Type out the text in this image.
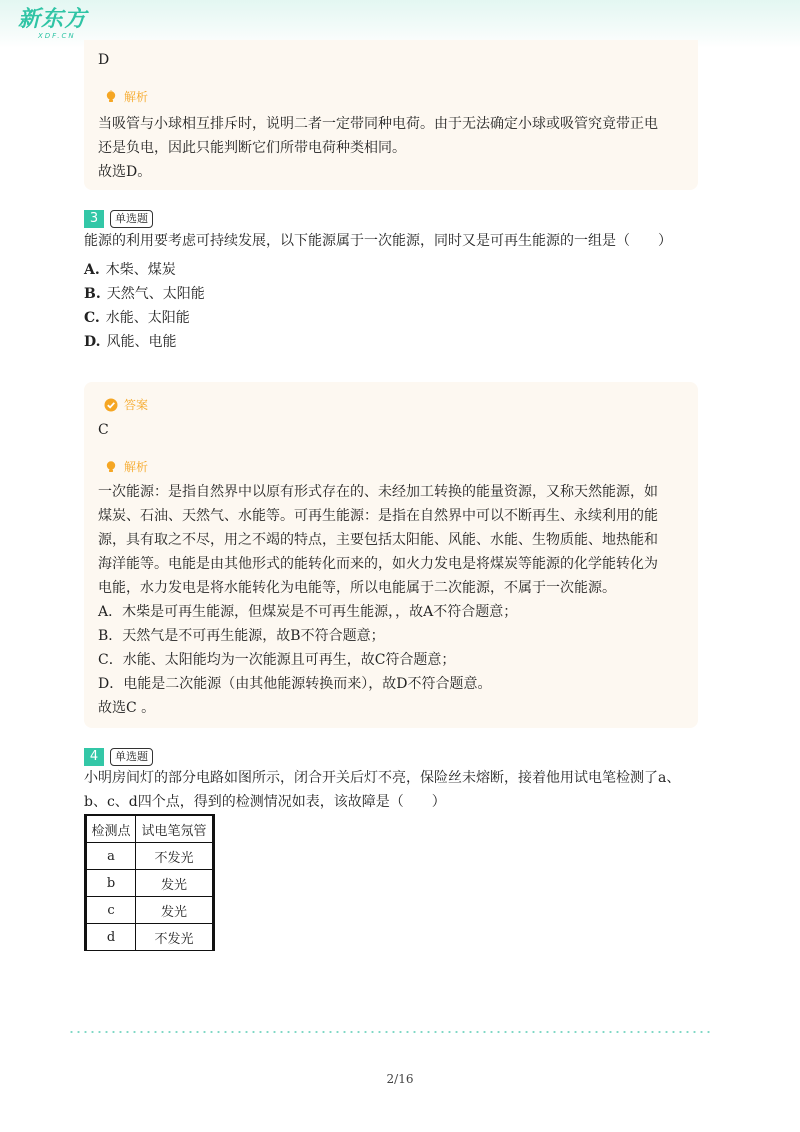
新东方
XDF.CN
D
解析

当吸管与小球相互排斥时，说明二者一定带同种电荷。由于无法确定小球或吸管究竟带正电

还是负电，因此只能判断它们所带电荷种类相同。

故选D。

3	单选题
能源的利用要考虑可持续发展，以下能源属于一次能源，同时又是可再生能源的一组是（　　）
A. 木柴、煤炭
B. 天然气、太阳能
C. 水能、太阳能
D. 风能、电能
答案
C
解析

一次能源：是指自然界中以原有形式存在的、未经加工转换的能量资源，又称天然能源，如

煤炭、石油、天然气、水能等。可再生能源：是指在自然界中可以不断再生、永续利用的能

源，具有取之不尽，用之不竭的特点，主要包括太阳能、风能、水能、生物质能、地热能和

海洋能等。电能是由其他形式的能转化而来的，如火力发电是将煤炭等能源的化学能转化为

电能，水力发电是将水能转化为电能等，所以电能属于二次能源，不属于一次能源。

A．木柴是可再生能源，但煤炭是不可再生能源，，故A不符合题意；

B．天然气是不可再生能源，故B不符合题意；

C．水能、太阳能均为一次能源且可再生，故C符合题意；

D．电能是二次能源（由其他能源转换而来），故D不符合题意。

故选C 。

4	单选题
小明房间灯的部分电路如图所示，闭合开关后灯不亮，保险丝未熔断，接着他用试电笔检测了a、
b、c、d四个点，得到的检测情况如表，该故障是（　　）
检测点	试电笔氖管
a	不发光
b	发光
c	发光
d	不发光
2/16
